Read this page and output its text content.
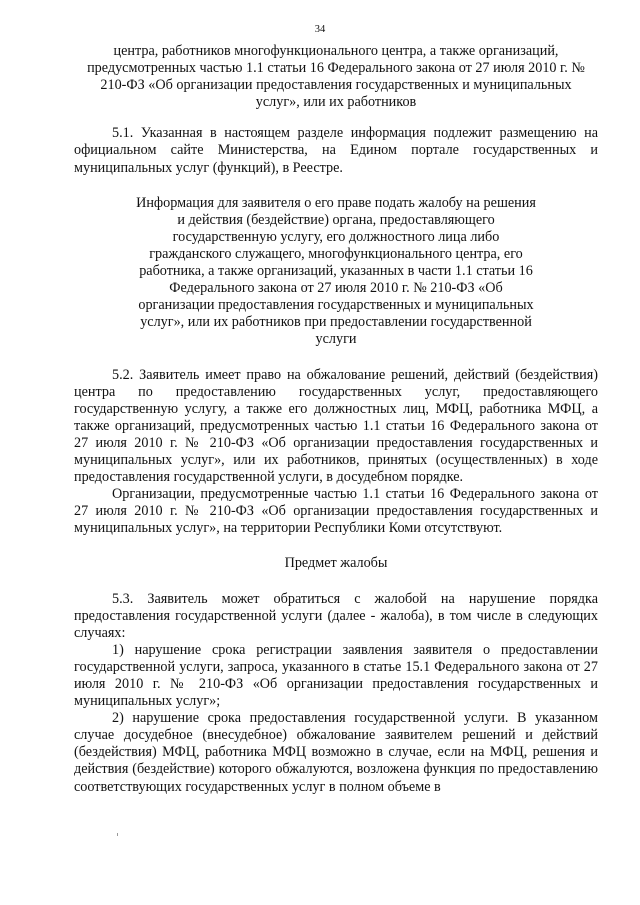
34

центра, работников многофункционального центра, а также организаций, предусмотренных частью 1.1 статьи 16 Федерального закона от 27 июля 2010 г. № 210-ФЗ «Об организации предоставления государственных и муниципальных услуг», или их работников

5.1. Указанная в настоящем разделе информация подлежит размещению на официальном сайте Министерства, на Едином портале государственных и муниципальных услуг (функций), в Реестре.

Информация для заявителя о его праве подать жалобу на решения и действия (бездействие) органа, предоставляющего государственную услугу, его должностного лица либо гражданского служащего, многофункционального центра, его работника, а также организаций, указанных в части 1.1 статьи 16 Федерального закона от 27 июля 2010 г. № 210-ФЗ «Об организации предоставления государственных и муниципальных услуг», или их работников при предоставлении государственной услуги

5.2. Заявитель имеет право на обжалование решений, действий (бездействия) центра по предоставлению государственных услуг, предоставляющего государственную услугу, а также его должностных лиц, МФЦ, работника МФЦ, а также организаций, предусмотренных частью 1.1 статьи 16 Федерального закона от 27 июля 2010 г. № 210-ФЗ «Об организации предоставления государственных и муниципальных услуг», или их работников, принятых (осуществленных) в ходе предоставления государственной услуги, в досудебном порядке.

Организации, предусмотренные частью 1.1 статьи 16 Федерального закона от 27 июля 2010 г. № 210-ФЗ «Об организации предоставления государственных и муниципальных услуг», на территории Республики Коми отсутствуют.

Предмет жалобы

5.3. Заявитель может обратиться с жалобой на нарушение порядка предоставления государственной услуги (далее - жалоба), в том числе в следующих случаях:

1) нарушение срока регистрации заявления заявителя о предоставлении государственной услуги, запроса, указанного в статье 15.1 Федерального закона от 27 июля 2010 г. № 210-ФЗ «Об организации предоставления государственных и муниципальных услуг»;

2) нарушение срока предоставления государственной услуги. В указанном случае досудебное (внесудебное) обжалование заявителем решений и действий (бездействия) МФЦ, работника МФЦ возможно в случае, если на МФЦ, решения и действия (бездействие) которого обжалуются, возложена функция по предоставлению соответствующих государственных услуг в полном объеме в
